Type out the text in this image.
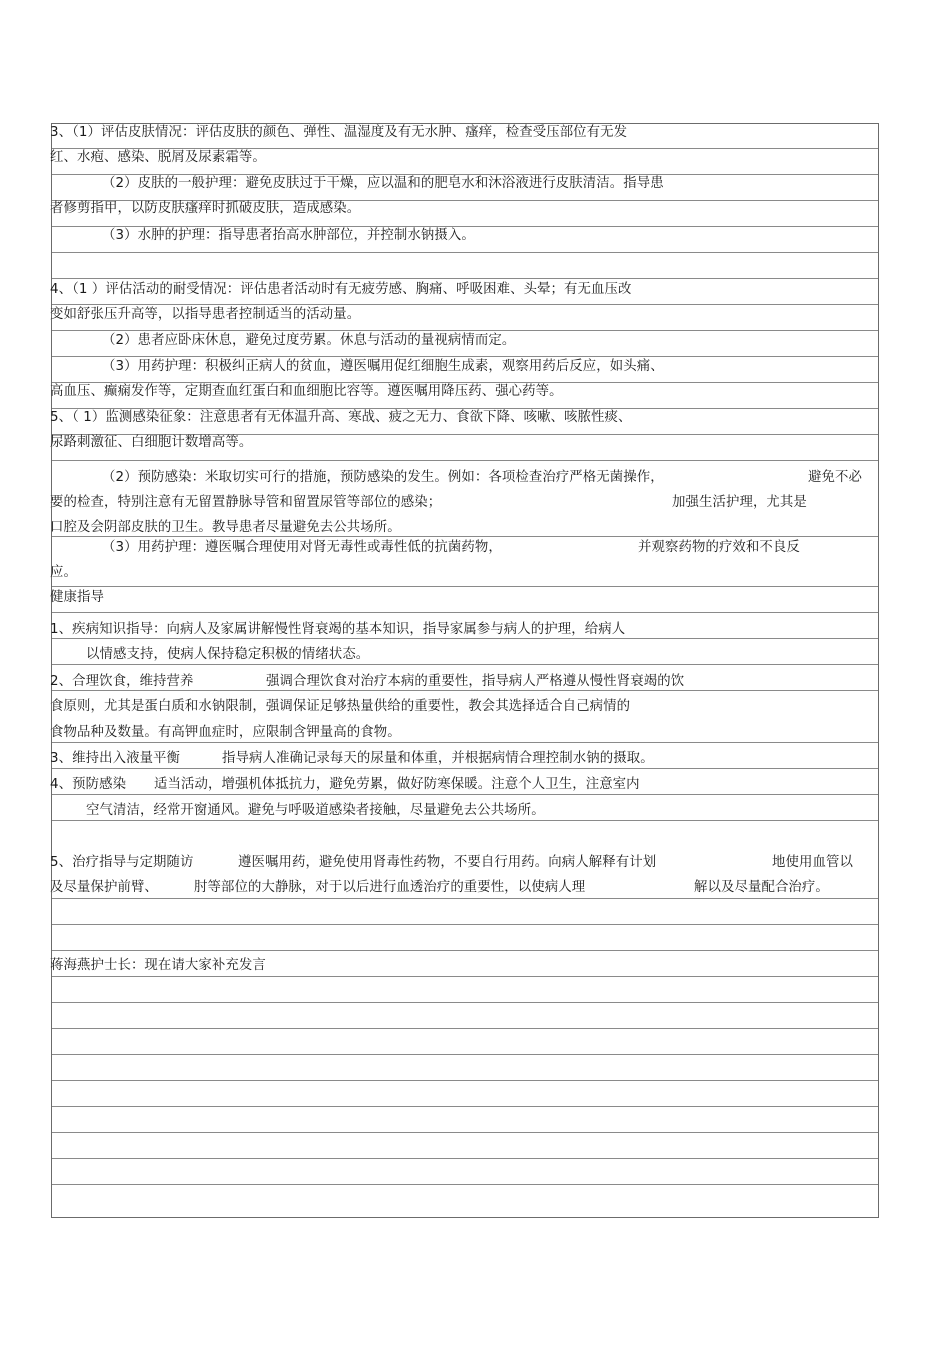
3、（1）评估皮肤情况：评估皮肤的颜色、弹性、温湿度及有无水肿、瘙痒，检查受压部位有无发
红、水疱、感染、脱屑及尿素霜等。
（2）皮肤的一般护理：避免皮肤过于干燥，应以温和的肥皂水和沐浴液进行皮肤清洁。指导患
者修剪指甲，以防皮肤瘙痒时抓破皮肤，造成感染。
（3）水肿的护理：指导患者抬高水肿部位，并控制水钠摄入。
4、（1 ）评估活动的耐受情况：评估患者活动时有无疲劳感、胸痛、呼吸困难、头晕；有无血压改
变如舒张压升高等，以指导患者控制适当的活动量。
（2）患者应卧床休息，避免过度劳累。休息与活动的量视病情而定。
（3）用药护理：积极纠正病人的贫血，遵医嘱用促红细胞生成素，观察用药后反应，如头痛、
高血压、癫痫发作等，定期查血红蛋白和血细胞比容等。遵医嘱用降压药、强心药等。
5、（ 1）监测感染征象：注意患者有无体温升高、寒战、疲之无力、食欲下降、咳嗽、咳脓性痰、
尿路刺激征、白细胞计数增高等。
（2）预防感染：米取切实可行的措施，预防感染的发生。例如：各项检查治疗严格无菌操作，	避免不必
要的检查，特别注意有无留置静脉导管和留置尿管等部位的感染；	加强生活护理，尤其是
口腔及会阴部皮肤的卫生。教导患者尽量避免去公共场所。
（3）用药护理：遵医嘱合理使用对肾无毒性或毒性低的抗菌药物，	并观察药物的疗效和不良反
应。
健康指导
1、疾病知识指导：向病人及家属讲解慢性肾衰竭的基本知识，指导家属参与病人的护理，给病人
以情感支持，使病人保持稳定积极的情绪状态。
2、合理饮食，维持营养	强调合理饮食对治疗本病的重要性，指导病人严格遵从慢性肾衰竭的饮
食原则，尤其是蛋白质和水钠限制，强调保证足够热量供给的重要性，教会其选择适合自己病情的
食物品种及数量。有高钾血症时，应限制含钾量高的食物。
3、维持出入液量平衡	指导病人准确记录每天的尿量和体重，并根据病情合理控制水钠的摄取。
4、预防感染 适当活动，增强机体抵抗力，避免劳累，做好防寒保暖。注意个人卫生，注意室内
空气清洁，经常开窗通风。避免与呼吸道感染者接触，尽量避免去公共场所。
5、治疗指导与定期随访	遵医嘱用药，避免使用肾毒性药物，不要自行用药。向病人解释有计划	地使用血管以
及尽量保护前臂、	肘等部位的大静脉，对于以后进行血透治疗的重要性，以使病人理	解以及尽量配合治疗。
蒋海燕护士长：现在请大家补充发言
